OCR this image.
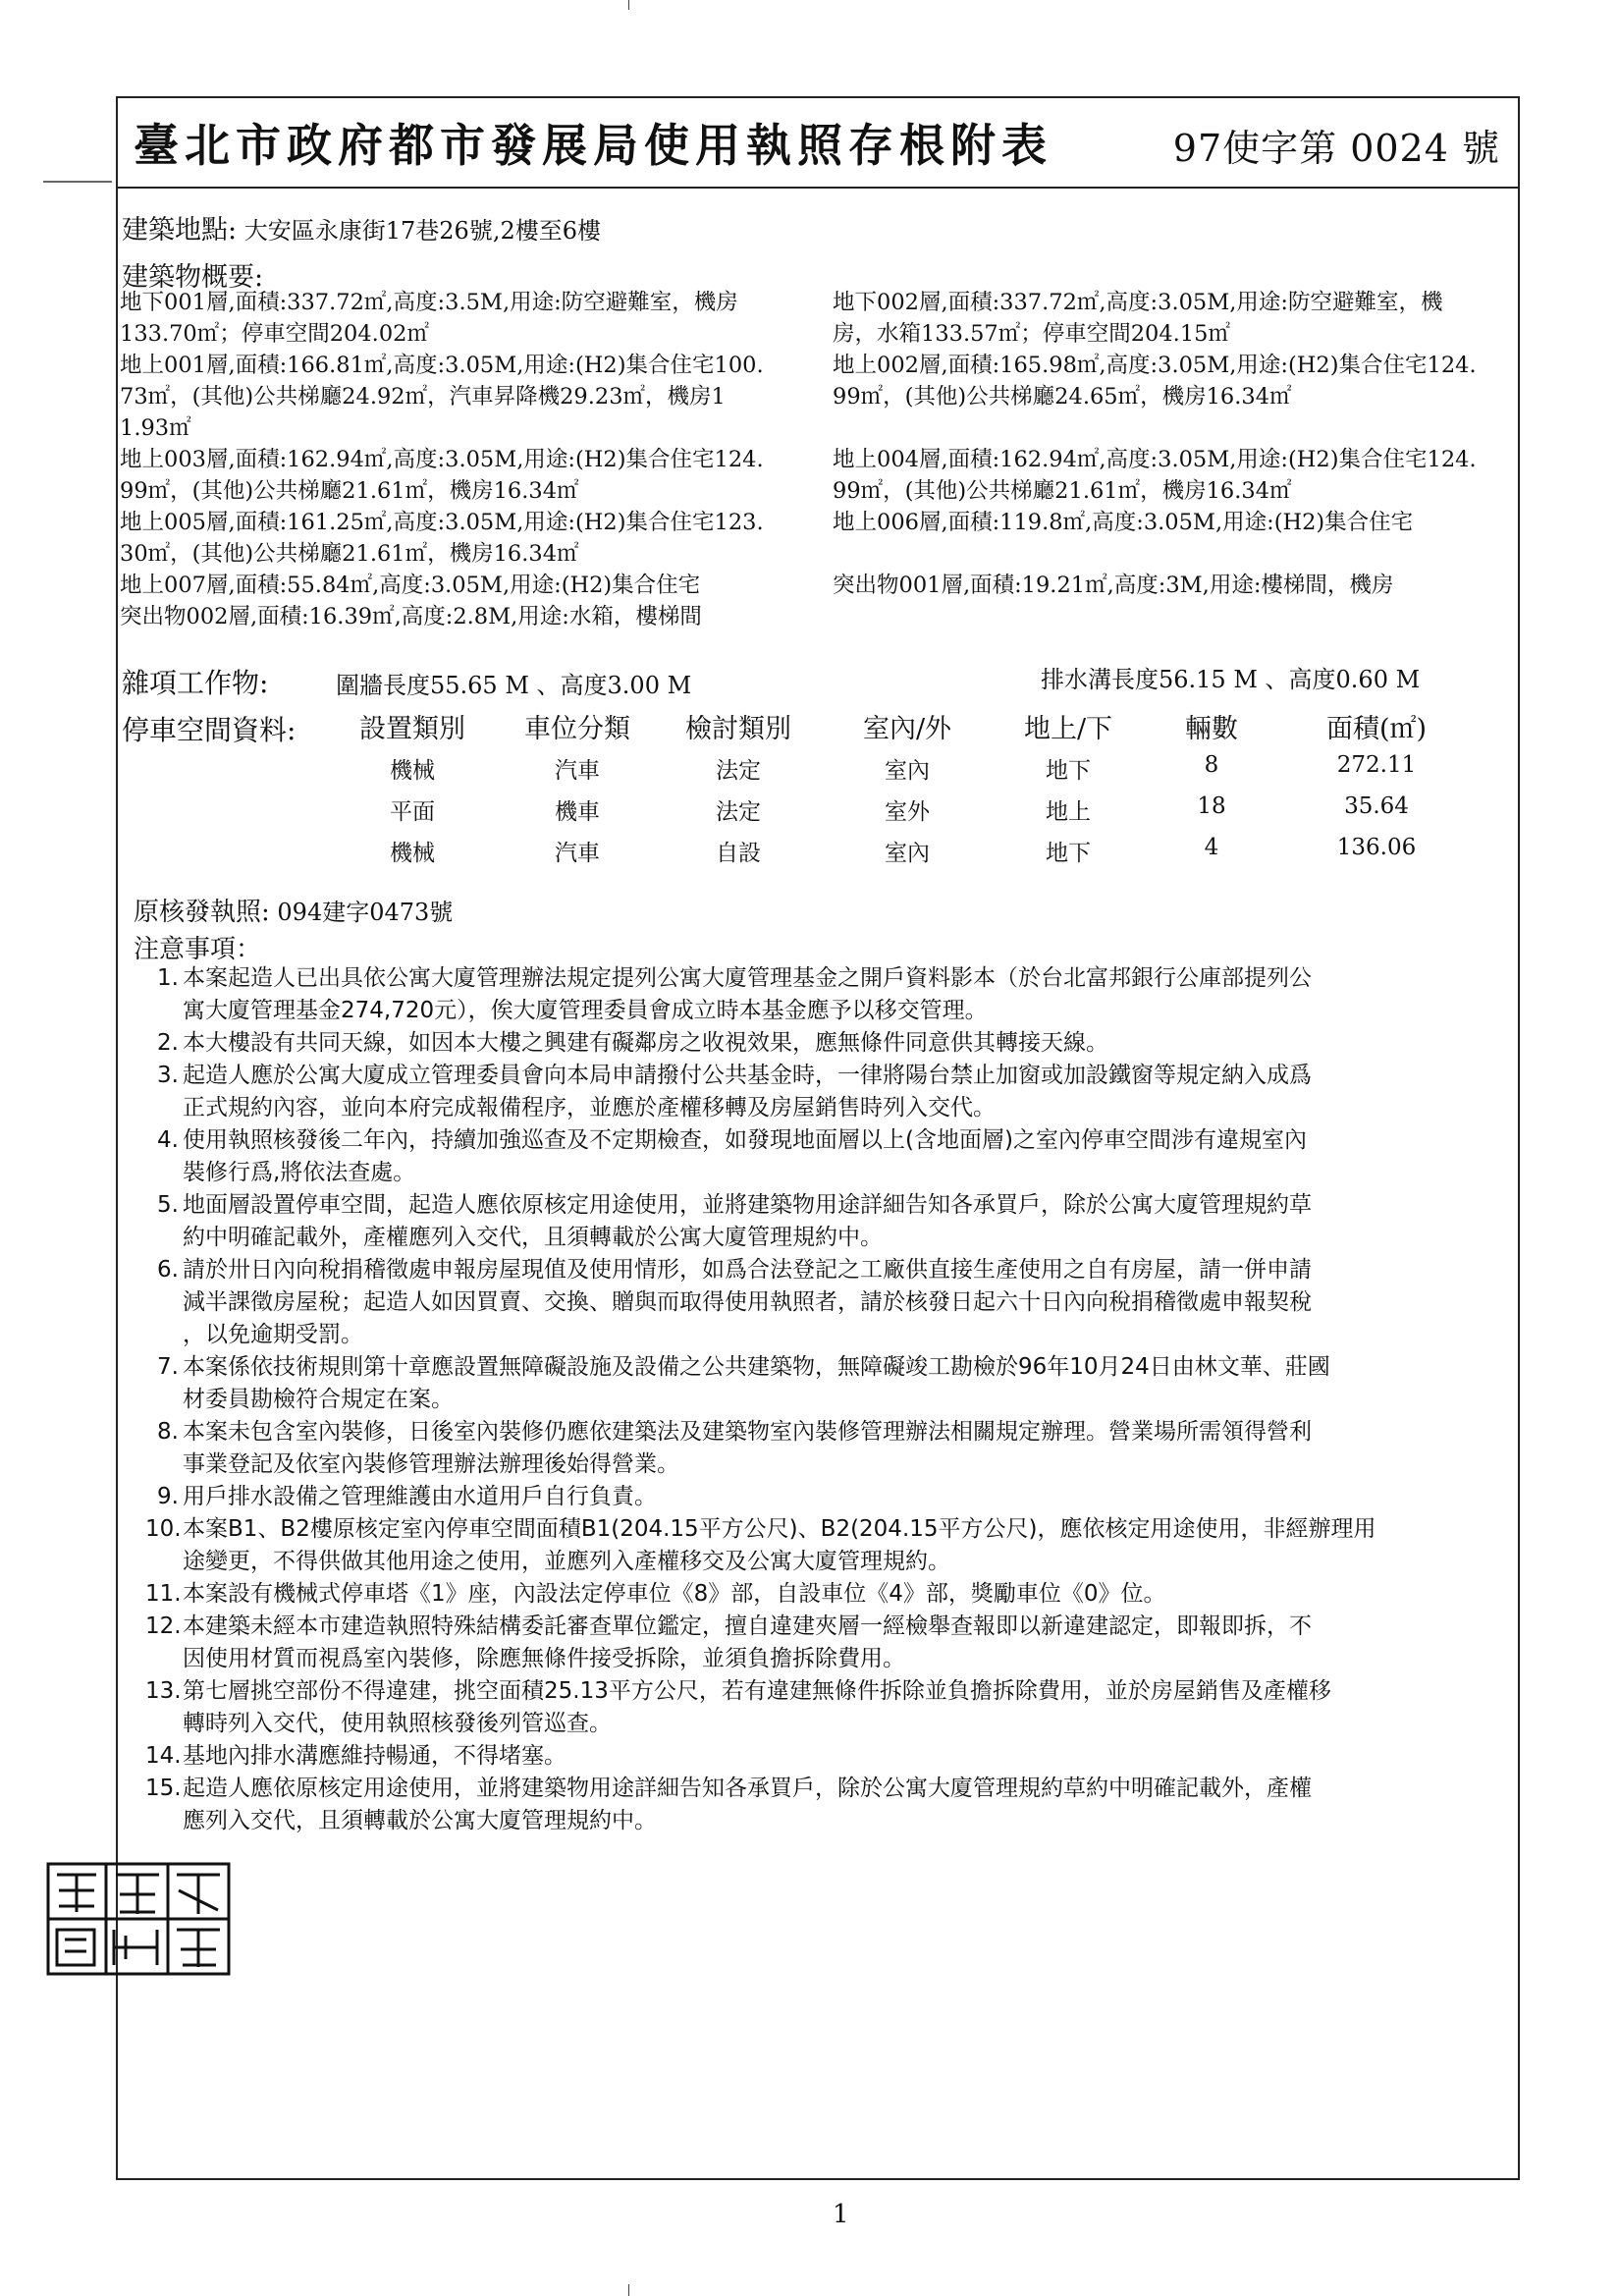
臺北市政府都市發展局使用執照存根附表	97使字第 0024 號
建築地點: 大安區永康街17巷26號,2樓至6樓
建築物概要:
地下001層,面積:337.72㎡,高度:3.5M,用途:防空避難室，機房
133.70㎡；停車空間204.02㎡
地上001層,面積:166.81㎡,高度:3.05M,用途:(H2)集合住宅100.
73㎡，(其他)公共梯廳24.92㎡，汽車昇降機29.23㎡，機房1
1.93㎡
地上003層,面積:162.94㎡,高度:3.05M,用途:(H2)集合住宅124.
99㎡，(其他)公共梯廳21.61㎡，機房16.34㎡
地上005層,面積:161.25㎡,高度:3.05M,用途:(H2)集合住宅123.
30㎡，(其他)公共梯廳21.61㎡，機房16.34㎡
地上007層,面積:55.84㎡,高度:3.05M,用途:(H2)集合住宅
突出物002層,面積:16.39㎡,高度:2.8M,用途:水箱，樓梯間
地下002層,面積:337.72㎡,高度:3.05M,用途:防空避難室，機
房，水箱133.57㎡；停車空間204.15㎡
地上002層,面積:165.98㎡,高度:3.05M,用途:(H2)集合住宅124.
99㎡，(其他)公共梯廳24.65㎡，機房16.34㎡
地上004層,面積:162.94㎡,高度:3.05M,用途:(H2)集合住宅124.
99㎡，(其他)公共梯廳21.61㎡，機房16.34㎡
地上006層,面積:119.8㎡,高度:3.05M,用途:(H2)集合住宅
突出物001層,面積:19.21㎡,高度:3M,用途:樓梯間，機房
雜項工作物:	圍牆長度55.65 M 、高度3.00 M	排水溝長度56.15 M 、高度0.60 M
停車空間資料: 設置類別 車位分類 檢討類別	室內/外	地上/下	輛數	面積(㎡)
機械	汽車	法定	室內	地下	8	272.11
平面	機車	法定	室外	地上	18	35.64
機械	汽車	自設	室內	地下	4	136.06
原核發執照: 094建字0473號
注意事項：
1. 本案起造人已出具依公寓大廈管理辦法規定提列公寓大廈管理基金之開戶資料影本（於台北富邦銀行公庫部提列公
寓大廈管理基金274,720元），俟大廈管理委員會成立時本基金應予以移交管理。
2. 本大樓設有共同天線，如因本大樓之興建有礙鄰房之收視效果，應無條件同意供其轉接天線。
3. 起造人應於公寓大廈成立管理委員會向本局申請撥付公共基金時，一律將陽台禁止加窗或加設鐵窗等規定納入成爲
正式規約內容，並向本府完成報備程序，並應於產權移轉及房屋銷售時列入交代。
4. 使用執照核發後二年內，持續加強巡查及不定期檢查，如發現地面層以上(含地面層)之室內停車空間涉有違規室內
裝修行爲,將依法查處。
5. 地面層設置停車空間，起造人應依原核定用途使用，並將建築物用途詳細告知各承買戶，除於公寓大廈管理規約草
約中明確記載外，產權應列入交代，且須轉載於公寓大廈管理規約中。
6. 請於卅日內向稅捐稽徵處申報房屋現值及使用情形，如爲合法登記之工廠供直接生產使用之自有房屋，請一併申請
減半課徵房屋稅；起造人如因買賣、交換、贈與而取得使用執照者，請於核發日起六十日內向稅捐稽徵處申報契稅
，以免逾期受罰。
7. 本案係依技術規則第十章應設置無障礙設施及設備之公共建築物，無障礙竣工勘檢於96年10月24日由林文華、莊國
材委員勘檢符合規定在案。
8. 本案未包含室內裝修，日後室內裝修仍應依建築法及建築物室內裝修管理辦法相關規定辦理。營業場所需領得營利
事業登記及依室內裝修管理辦法辦理後始得營業。
9. 用戶排水設備之管理維護由水道用戶自行負責。
10. 本案B1、B2樓原核定室內停車空間面積B1(204.15平方公尺)、B2(204.15平方公尺)，應依核定用途使用，非經辦理用
途變更，不得供做其他用途之使用，並應列入產權移交及公寓大廈管理規約。
11. 本案設有機械式停車塔《1》座，內設法定停車位《8》部，自設車位《4》部，獎勵車位《0》位。
12. 本建築未經本市建造執照特殊結構委託審查單位鑑定，擅自違建夾層一經檢舉查報即以新違建認定，即報即拆，不
因使用材質而視爲室內裝修，除應無條件接受拆除，並須負擔拆除費用。
13. 第七層挑空部份不得違建，挑空面積25.13平方公尺，若有違建無條件拆除並負擔拆除費用，並於房屋銷售及產權移
轉時列入交代，使用執照核發後列管巡查。
14. 基地內排水溝應維持暢通，不得堵塞。
15. 起造人應依原核定用途使用，並將建築物用途詳細告知各承買戶，除於公寓大廈管理規約草約中明確記載外，產權
應列入交代，且須轉載於公寓大廈管理規約中。
1
